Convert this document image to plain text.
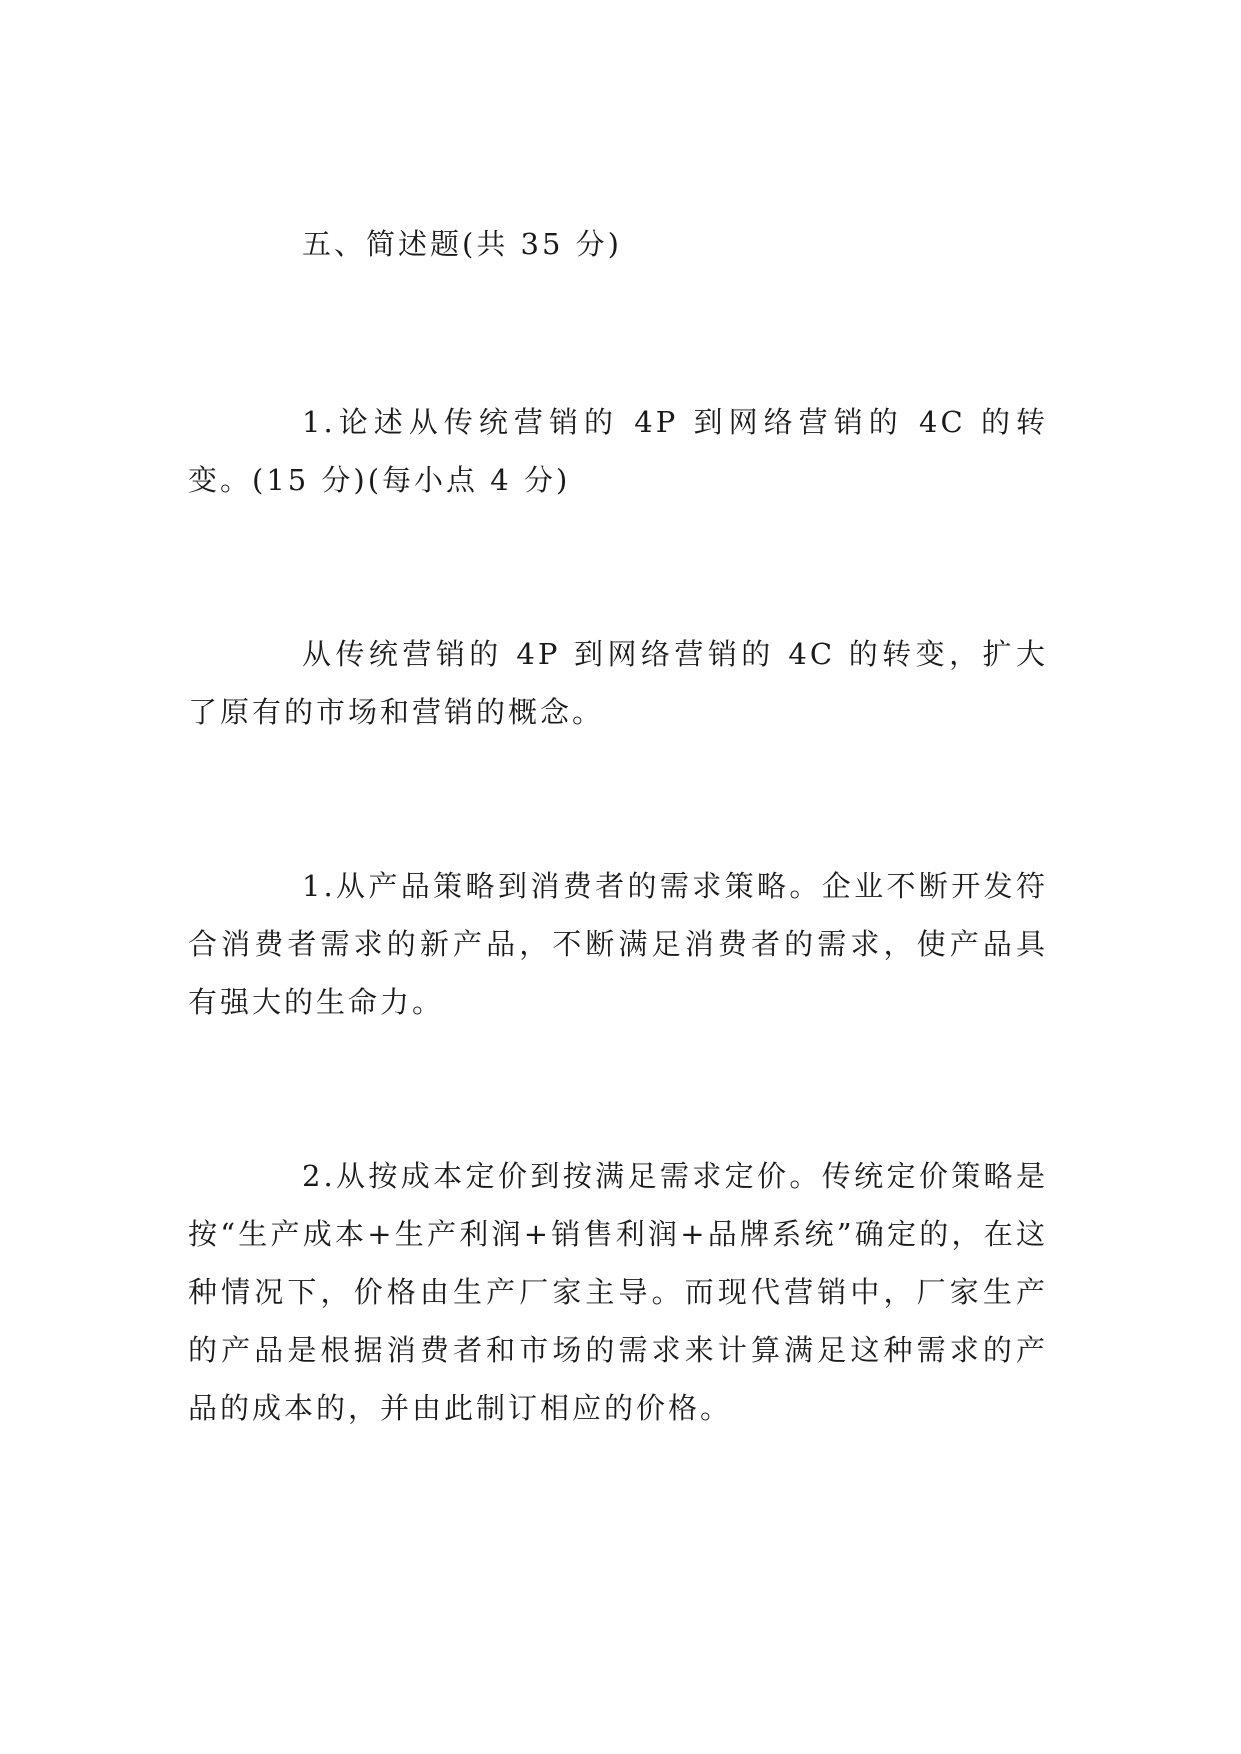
五、简述题(共 35 分)

1.论述从传统营销的 4P 到网络营销的 4C 的转变。(15 分)(每小点 4 分)

从传统营销的 4P 到网络营销的 4C 的转变，扩大了原有的市场和营销的概念。

1.从产品策略到消费者的需求策略。企业不断开发符合消费者需求的新产品，不断满足消费者的需求，使产品具有强大的生命力。

2.从按成本定价到按满足需求定价。传统定价策略是按“生产成本+生产利润+销售利润+品牌系统”确定的，在这种情况下，价格由生产厂家主导。而现代营销中，厂家生产的产品是根据消费者和市场的需求来计算满足这种需求的产品的成本的，并由此制订相应的价格。
